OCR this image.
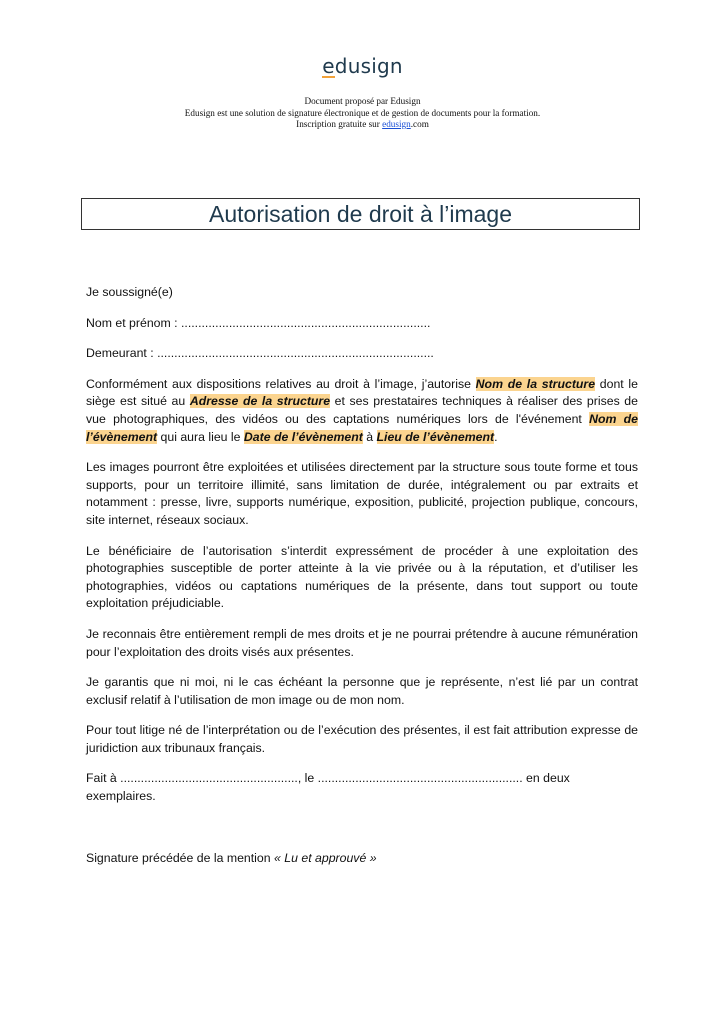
edusign
Document proposé par Edusign
Edusign est une solution de signature électronique et de gestion de documents pour la formation.
Inscription gratuite sur edusign.com
Autorisation de droit à l’image

Je soussigné(e)

Nom et prénom : .........................................................................

Demeurant : .................................................................................

Conformément aux dispositions relatives au droit à l’image, j’autorise Nom de la structure dont le siège est situé au Adresse de la structure et ses prestataires techniques à réaliser des prises de vue photographiques, des vidéos ou des captations numériques lors de l'événement Nom de l’évènement qui aura lieu le Date de l’évènement à Lieu de l’évènement.

Les images pourront être exploitées et utilisées directement par la structure sous toute forme et tous supports, pour un territoire illimité, sans limitation de durée, intégralement ou par extraits et notamment : presse, livre, supports numérique, exposition, publicité, projection publique, concours, site internet, réseaux sociaux.

Le bénéficiaire de l’autorisation s’interdit expressément de procéder à une exploitation des photographies susceptible de porter atteinte à la vie privée ou à la réputation, et d’utiliser les photographies, vidéos ou captations numériques de la présente, dans tout support ou toute exploitation préjudiciable.

Je reconnais être entièrement rempli de mes droits et je ne pourrai prétendre à aucune rémunération pour l’exploitation des droits visés aux présentes.

Je garantis que ni moi, ni le cas échéant la personne que je représente, n’est lié par un contrat exclusif relatif à l’utilisation de mon image ou de mon nom.

Pour tout litige né de l’interprétation ou de l’exécution des présentes, il est fait attribution expresse de juridiction aux tribunaux français.

Fait à ...................................................., le ............................................................ en deux exemplaires.

Signature précédée de la mention « Lu et approuvé »
